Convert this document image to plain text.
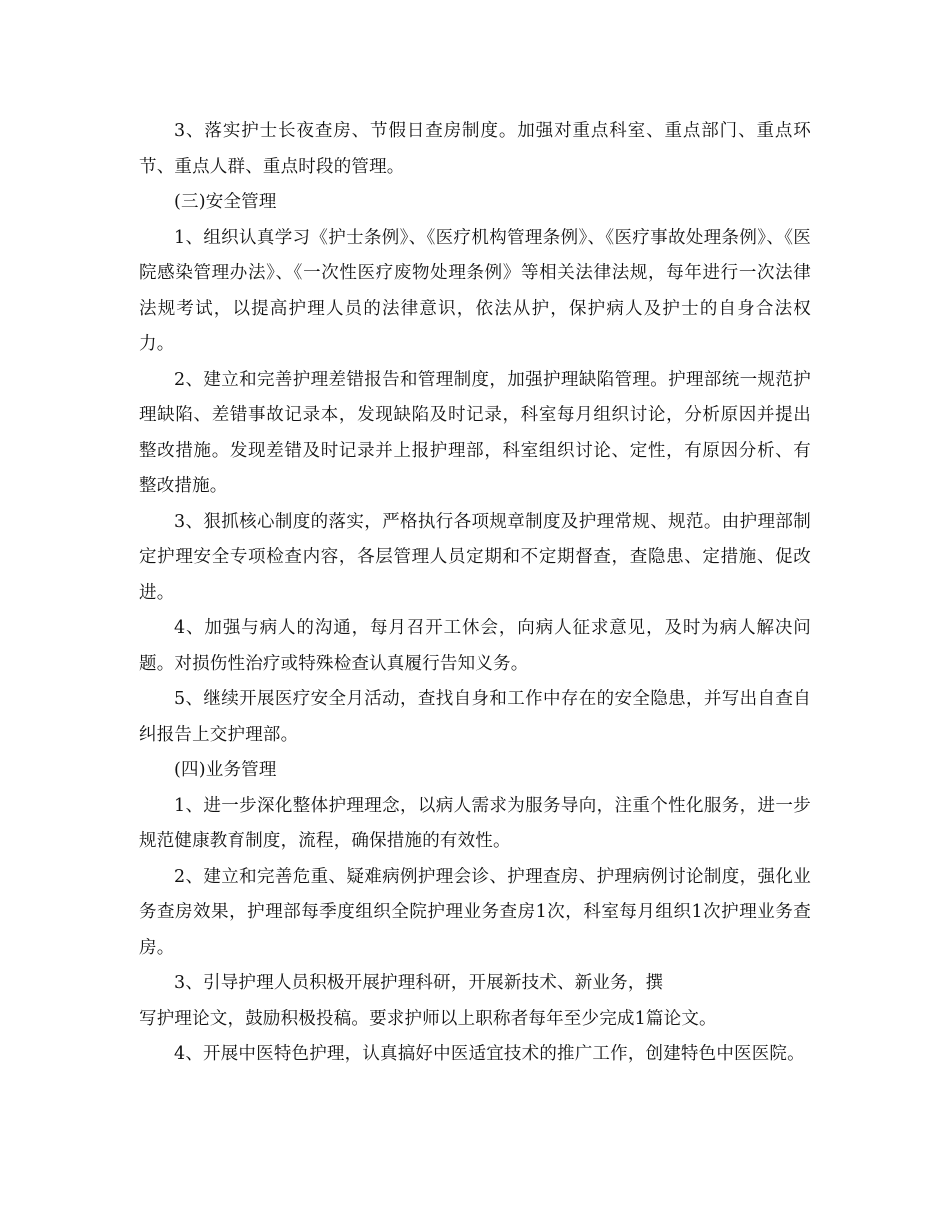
3、落实护士长夜查房、节假日查房制度。加强对重点科室、重点部门、重点环节、重点人群、重点时段的管理。

(三)安全管理

1、组织认真学习《护士条例》、《医疗机构管理条例》、《医疗事故处理条例》、《医院感染管理办法》、《一次性医疗废物处理条例》等相关法律法规，每年进行一次法律法规考试，以提高护理人员的法律意识，依法从护，保护病人及护士的自身合法权力。

2、建立和完善护理差错报告和管理制度，加强护理缺陷管理。护理部统一规范护理缺陷、差错事故记录本，发现缺陷及时记录，科室每月组织讨论，分析原因并提出整改措施。发现差错及时记录并上报护理部，科室组织讨论、定性，有原因分析、有整改措施。

3、狠抓核心制度的落实，严格执行各项规章制度及护理常规、规范。由护理部制定护理安全专项检查内容，各层管理人员定期和不定期督查，查隐患、定措施、促改进。

4、加强与病人的沟通，每月召开工休会，向病人征求意见，及时为病人解决问题。对损伤性治疗或特殊检查认真履行告知义务。

5、继续开展医疗安全月活动，查找自身和工作中存在的安全隐患，并写出自查自纠报告上交护理部。

(四)业务管理

1、进一步深化整体护理理念，以病人需求为服务导向，注重个性化服务，进一步规范健康教育制度，流程，确保措施的有效性。

2、建立和完善危重、疑难病例护理会诊、护理查房、护理病例讨论制度，强化业务查房效果，护理部每季度组织全院护理业务查房1次，科室每月组织1次护理业务查房。

3、引导护理人员积极开展护理科研，开展新技术、新业务，撰

写护理论文，鼓励积极投稿。要求护师以上职称者每年至少完成1篇论文。

4、开展中医特色护理，认真搞好中医适宜技术的推广工作，创建特色中医医院。
